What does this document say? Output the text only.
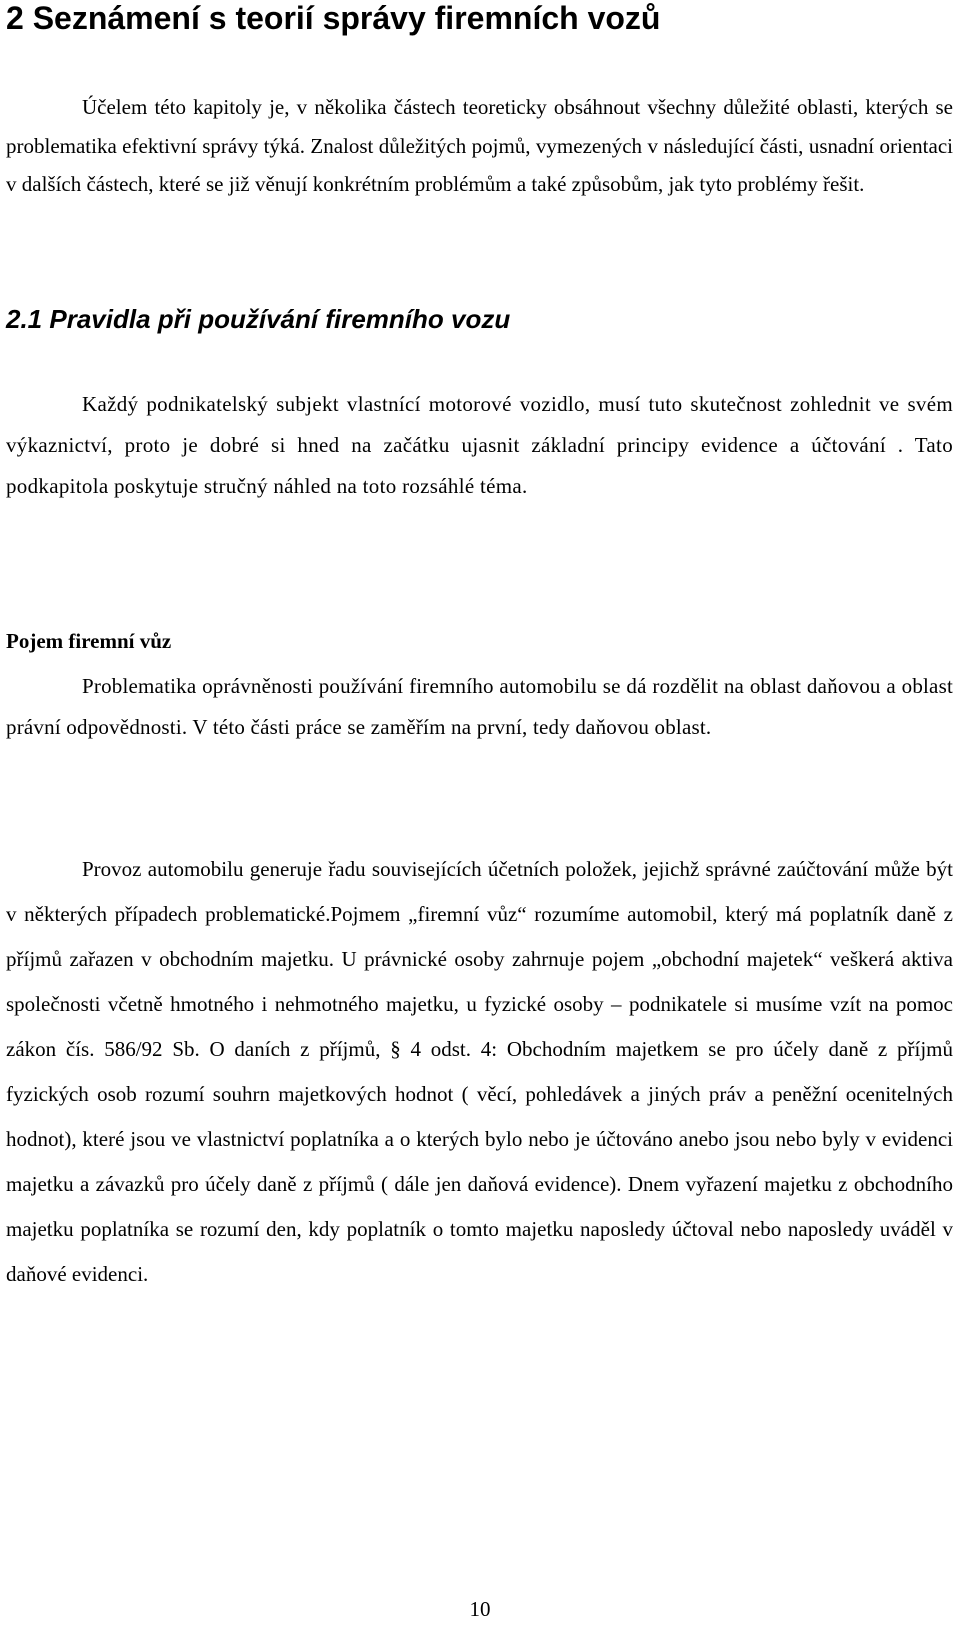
2 Seznámení s teorií správy firemních vozů

Účelem této kapitoly je, v několika částech teoreticky obsáhnout všechny důležité oblasti, kterých se problematika efektivní správy týká. Znalost důležitých pojmů, vymezených v následující části, usnadní orientaci v dalších částech, které se již věnují konkrétním problémům a také způsobům, jak tyto problémy řešit.

2.1 Pravidla při používání firemního vozu

Každý podnikatelský subjekt vlastnící motorové vozidlo, musí tuto skutečnost zohlednit ve svém výkaznictví, proto je dobré si hned na začátku ujasnit základní principy evidence a účtování . Tato podkapitola poskytuje stručný náhled na toto rozsáhlé téma.

Pojem firemní vůz

Problematika oprávněnosti používání firemního automobilu se dá rozdělit na oblast daňovou a oblast právní odpovědnosti. V této části práce se zaměřím na první, tedy daňovou oblast.

Provoz automobilu generuje řadu souvisejících účetních položek, jejichž správné zaúčtování může být v některých případech problematické.Pojmem „firemní vůz“ rozumíme automobil, který má poplatník daně z příjmů zařazen v obchodním majetku. U právnické osoby zahrnuje pojem „obchodní majetek“ veškerá aktiva společnosti včetně hmotného i nehmotného majetku, u fyzické osoby – podnikatele si musíme vzít na pomoc zákon čís. 586/92 Sb. O daních z příjmů, § 4 odst. 4: Obchodním majetkem se pro účely daně z příjmů fyzických osob rozumí souhrn majetkových hodnot ( věcí, pohledávek a jiných práv a peněžní ocenitelných hodnot), které jsou ve vlastnictví poplatníka a o kterých bylo nebo je účtováno anebo jsou nebo byly v evidenci majetku a závazků pro účely daně z příjmů ( dále jen daňová evidence). Dnem vyřazení majetku z obchodního majetku poplatníka se rozumí den, kdy poplatník o tomto majetku naposledy účtoval nebo naposledy uváděl v daňové evidenci.

10
